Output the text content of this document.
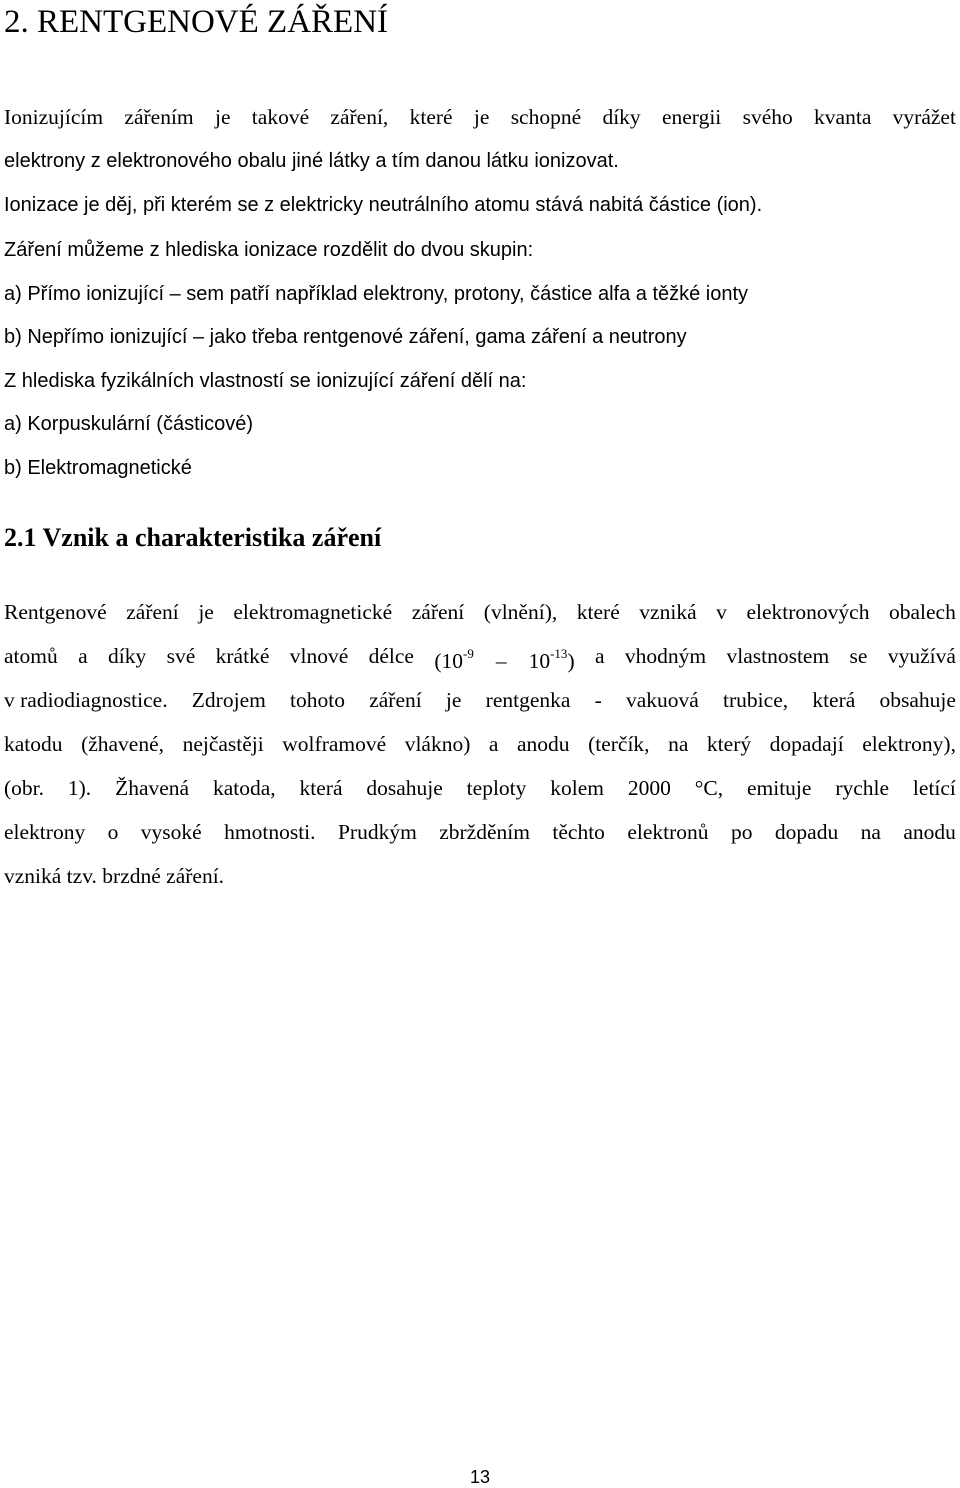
2. RENTGENOVÉ ZÁŘENÍ
Ionizujícím zářením je takové záření, které je schopné díky energii svého kvanta vyrážet

elektrony z elektronového obalu jiné látky a tím danou látku ionizovat.

Ionizace je děj, při kterém se z elektricky neutrálního atomu stává nabitá částice (ion).

Záření můžeme z hlediska ionizace rozdělit do dvou skupin:

a) Přímo ionizující – sem patří například elektrony, protony, částice alfa a těžké ionty

b) Nepřímo ionizující – jako třeba rentgenové záření, gama záření a neutrony

Z hlediska fyzikálních vlastností se ionizující záření dělí na:

a) Korpuskulární (částicové)

b) Elektromagnetické

2.1 Vznik a charakteristika záření
Rentgenové záření je elektromagnetické záření (vlnění), které vzniká v elektronových obalech
atomů a díky své krátké vlnové délce $(10^{-9} - 10^{-13})$ a vhodným vlastnostem se využívá
v radiodiagnostice. Zdrojem tohoto záření je rentgenka - vakuová trubice, která obsahuje
katodu (žhavené, nejčastěji wolframové vlákno) a anodu (terčík, na který dopadají elektrony),
(obr. 1). Žhavená katoda, která dosahuje teploty kolem 2000 °C, emituje rychle letící
elektrony o vysoké hmotnosti. Prudkým zbržděním těchto elektronů po dopadu na anodu

vzniká tzv. brzdné záření.

13
